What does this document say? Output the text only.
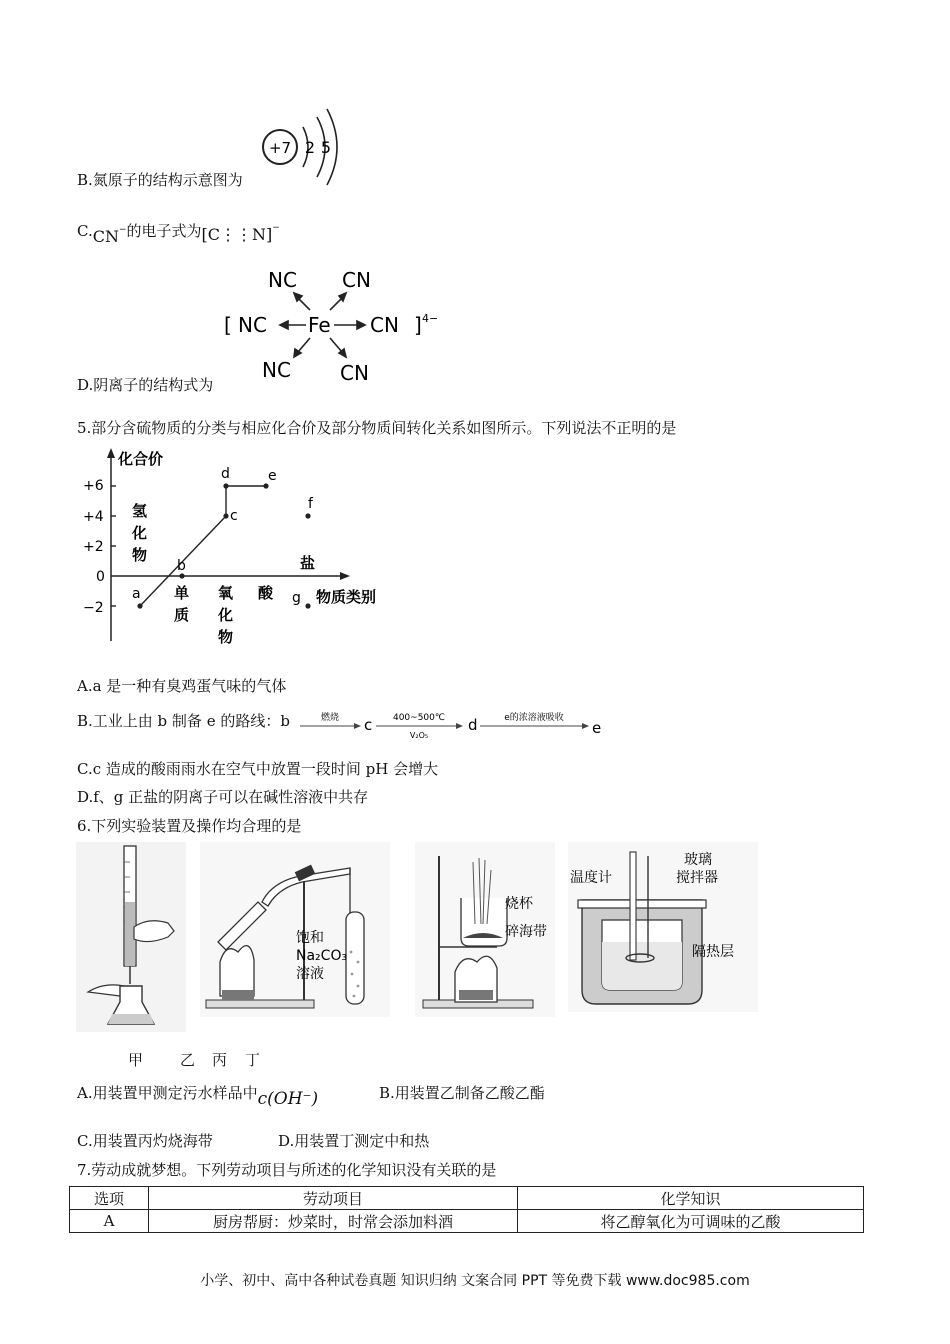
B.氮原子的结构示意图为
+7 2 5
C.CN−的电子式为[C⋮⋮N]−
D.阴离子的结构式为
NC CN
[ NC Fe CN ] 4−
NC CN
5.部分含硫物质的分类与相应化合价及部分物质间转化关系如图所示。下列说法不正明的是
化合价
+6
+4
+2
0
−2
a
b
c
d	e
f
g 物质类别
氢化物
单质
氧化物
酸
盐
A.a 是一种有臭鸡蛋气味的气体
B.工业上由 b 制备 e 的路线：b	燃烧 c 400~500℃
V₂O₅
d	e的浓溶液吸收
e
C.c 造成的酸雨雨水在空气中放置一段时间 pH 会增大
D.f、g 正盐的阴离子可以在碱性溶液中共存
6.下列实验装置及操作均合理的是
饱和
Na₂CO₃
溶液
烧杯
碎海带
温度计
玻璃
搅拌器
隔热层
甲 乙 丙 丁
A.用装置甲测定污水样品中c(OH⁻)	B.用装置乙制备乙酸乙酯
C.用装置丙灼烧海带	D.用装置丁测定中和热
7.劳动成就梦想。下列劳动项目与所述的化学知识没有关联的是
选项	劳动项目	化学知识
A	厨房帮厨：炒菜时，时常会添加料酒	将乙醇氧化为可调味的乙酸
小学、初中、高中各种试卷真题 知识归纳 文案合同 PPT 等免费下载 www.doc985.com
